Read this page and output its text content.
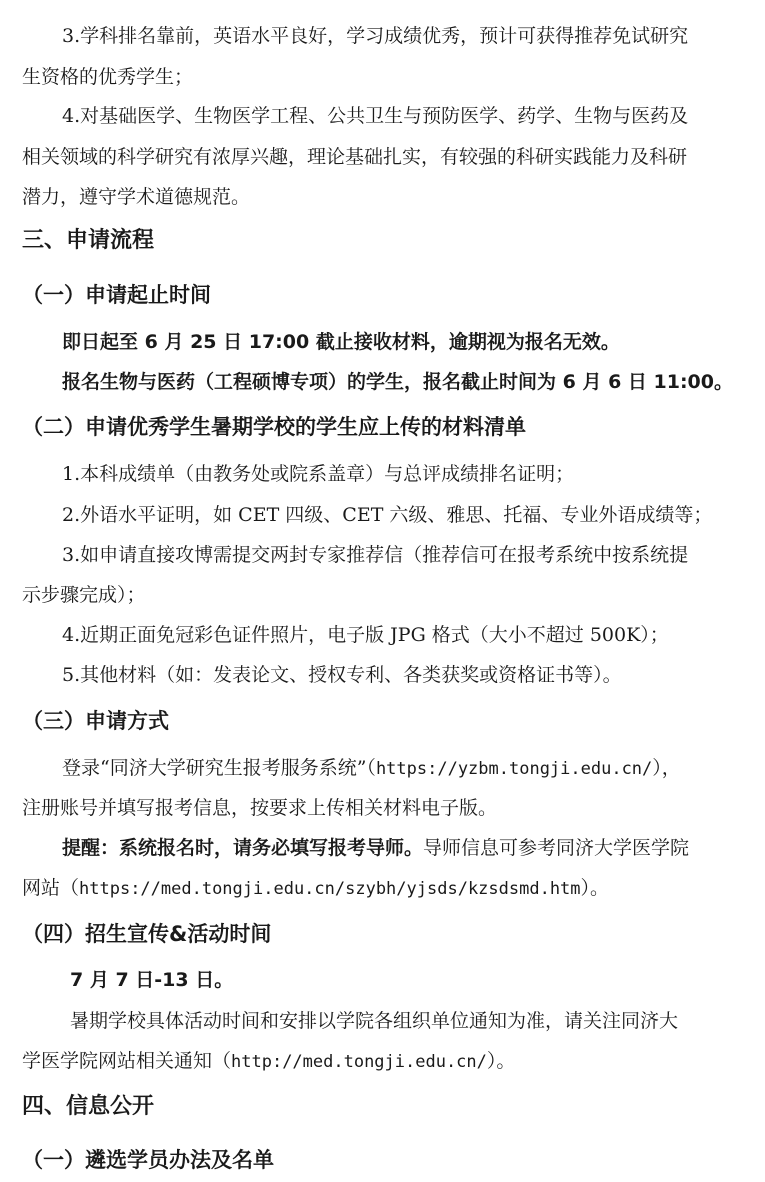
3.学科排名靠前，英语水平良好，学习成绩优秀，预计可获得推荐免试研究
生资格的优秀学生；
4.对基础医学、生物医学工程、公共卫生与预防医学、药学、生物与医药及
相关领域的科学研究有浓厚兴趣，理论基础扎实，有较强的科研实践能力及科研
潜力，遵守学术道德规范。
三、申请流程
（一）申请起止时间
即日起至 6 月 25 日 17:00 截止接收材料，逾期视为报名无效。
报名生物与医药（工程硕博专项）的学生，报名截止时间为 6 月 6 日 11:00。
（二）申请优秀学生暑期学校的学生应上传的材料清单
1.本科成绩单（由教务处或院系盖章）与总评成绩排名证明；
2.外语水平证明，如 CET 四级、CET 六级、雅思、托福、专业外语成绩等；
3.如申请直接攻博需提交两封专家推荐信（推荐信可在报考系统中按系统提
示步骤完成）；
4.近期正面免冠彩色证件照片，电子版 JPG 格式（大小不超过 500K）；
5.其他材料（如：发表论文、授权专利、各类获奖或资格证书等）。
（三）申请方式
登录“同济大学研究生报考服务系统”（https://yzbm.tongji.edu.cn/），
注册账号并填写报考信息，按要求上传相关材料电子版。
提醒：系统报名时，请务必填写报考导师。导师信息可参考同济大学医学院
网站（https://med.tongji.edu.cn/szybh/yjsds/kzsdsmd.htm）。
（四）招生宣传&活动时间
7 月 7 日-13 日。
暑期学校具体活动时间和安排以学院各组织单位通知为准，请关注同济大
学医学院网站相关通知（http://med.tongji.edu.cn/）。
四、信息公开
（一）遴选学员办法及名单
